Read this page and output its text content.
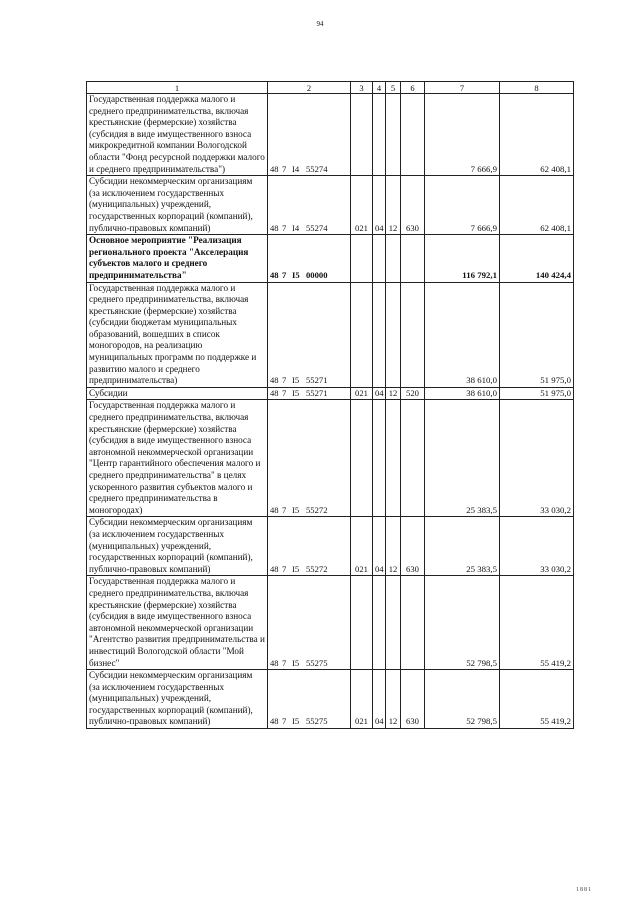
94
1	2	3	4	5	6	7	8

Государственная поддержка малого и среднего предпринимательства, включая крестьянские (фермерские) хозяйства (субсидия в виде имущественного взноса микрокредитной компании Вологодской области "Фонд ресурсной поддержки малого и среднего предпринимательства")	48 7 I4 55274					7 666,9	62 408,1

Субсидии некоммерческим организациям (за исключением государственных (муниципальных) учреждений, государственных корпораций (компаний), публично-правовых компаний)	48 7 I4 55274	021	04	12	630	7 666,9	62 408,1

Основное мероприятие "Реализация регионального проекта "Акселерация субъектов малого и среднего предпринимательства"	48 7 I5 00000					116 792,1	140 424,4

Государственная поддержка малого и среднего предпринимательства, включая крестьянские (фермерские) хозяйства (субсидии бюджетам муниципальных образований, вошедших в список моногородов, на реализацию муниципальных программ по поддержке и развитию малого и среднего предпринимательства)	48 7 I5 55271					38 610,0	51 975,0

Субсидии	48 7 I5 55271	021	04	12	520	38 610,0	51 975,0

Государственная поддержка малого и среднего предпринимательства, включая крестьянские (фермерские) хозяйства (субсидия в виде имущественного взноса автономной некоммерческой организации "Центр гарантийного обеспечения малого и среднего предпринимательства" в целях ускоренного развития субъектов малого и среднего предпринимательства в моногородах)	48 7 I5 55272					25 383,5	33 030,2

Субсидии некоммерческим организациям (за исключением государственных (муниципальных) учреждений, государственных корпораций (компаний), публично-правовых компаний)	48 7 I5 55272	021	04	12	630	25 383,5	33 030,2

Государственная поддержка малого и среднего предпринимательства, включая крестьянские (фермерские) хозяйства (субсидия в виде имущественного взноса автономной некоммерческой организации "Агентство развития предпринимательства и инвестиций Вологодской области "Мой бизнес"	48 7 I5 55275					52 798,5	55 419,2

Субсидии некоммерческим организациям (за исключением государственных (муниципальных) учреждений, государственных корпораций (компаний), публично-правовых компаний)	48 7 I5 55275	021	04	12	630	52 798,5	55 419,2
1881
